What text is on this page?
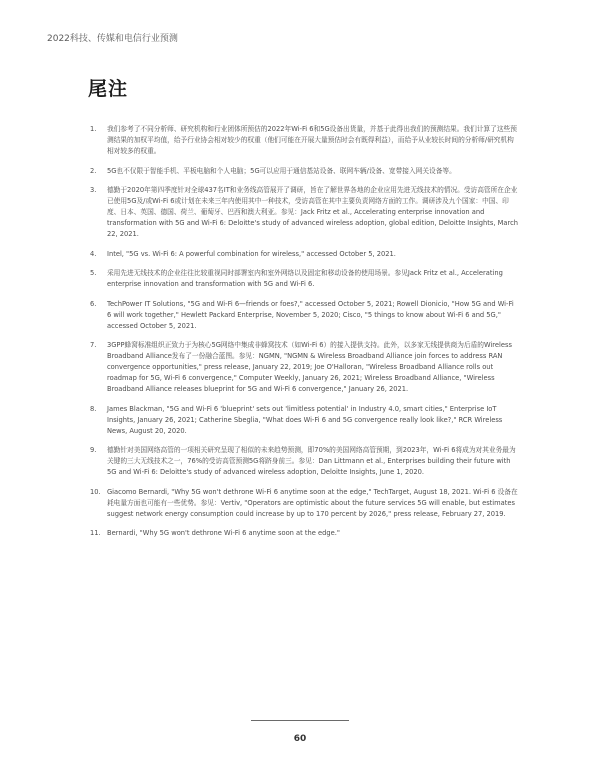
2022科技、传媒和电信行业预测
尾注
1. 我们参考了不同分析师、研究机构和行业团体所预估的2022年Wi-Fi 6和5G设备出货量，并基于此得出我们的预测结果。我们计算了这些预测结果的加权平均值，给予行业协会相对较少的权重（他们可能在开展大量预估时会有既得利益），而给予从业较长时间的分析师/研究机构相对较多的权重。
2. 5G也不仅限于智能手机、平板电脑和个人电脑；5G可以应用于通信基站设备、联网车辆/设备、宽带接入网关设备等。
3. 德勤于2020年第四季度针对全球437名IT和业务线高管展开了调研，旨在了解世界各地的企业应用先进无线技术的情况。受访高管所在企业已使用5G及/或Wi-Fi 6或计划在未来三年内使用其中一种技术，受访高管在其中主要负责网络方面的工作。调研涉及九个国家：中国、印度、日本、英国、德国、荷兰、葡萄牙、巴西和澳大利亚。参见：Jack Fritz et al., Accelerating enterprise innovation and transformation with 5G and Wi-Fi 6: Deloitte's study of advanced wireless adoption, global edition, Deloitte Insights, March 22, 2021.
4. Intel, "5G vs. Wi-Fi 6: A powerful combination for wireless," accessed October 5, 2021.
5. 采用先进无线技术的企业往往比较重视同时部署室内和室外网络以及固定和移动设备的使用场景。参见Jack Fritz et al., Accelerating enterprise innovation and transformation with 5G and Wi-Fi 6.
6. TechPower IT Solutions, "5G and Wi-Fi 6—friends or foes?," accessed October 5, 2021; Rowell Dionicio, "How 5G and Wi-Fi 6 will work together," Hewlett Packard Enterprise, November 5, 2020; Cisco, "5 things to know about Wi-Fi 6 and 5G," accessed October 5, 2021.
7. 3GPP蜂窝标准组织正致力于为核心5G网络中集成非蜂窝技术（如Wi-Fi 6）的接入提供支持。此外，以多家无线提供商为后盾的Wireless Broadband Alliance发布了一份融合蓝图。参见：NGMN, "NGMN & Wireless Broadband Alliance join forces to address RAN convergence opportunities," press release, January 22, 2019; Joe O'Halloran, "Wireless Broadband Alliance rolls out roadmap for 5G, Wi-Fi 6 convergence," Computer Weekly, January 26, 2021; Wireless Broadband Alliance, "Wireless Broadband Alliance releases blueprint for 5G and Wi-Fi 6 convergence," January 26, 2021.
8. James Blackman, "5G and Wi-Fi 6 'blueprint' sets out 'limitless potential' in Industry 4.0, smart cities," Enterprise IoT Insights, January 26, 2021; Catherine Sbeglia, "What does Wi-Fi 6 and 5G convergence really look like?," RCR Wireless News, August 20, 2020.
9. 德勤针对美国网络高管的一项相关研究呈现了相似的未来趋势预测，即70%的美国网络高管预期，到2023年，Wi-Fi 6将成为对其业务最为关键的三大无线技术之一，76%的受访高管预测5G将跻身前三。参见：Dan Littmann et al., Enterprises building their future with 5G and Wi-Fi 6: Deloitte's study of advanced wireless adoption, Deloitte Insights, June 1, 2020.
10. Giacomo Bernardi, "Why 5G won't dethrone Wi-Fi 6 anytime soon at the edge," TechTarget, August 18, 2021. Wi-Fi 6 设备在耗电量方面也可能有一些优势。参见：Vertiv, "Operators are optimistic about the future services 5G will enable, but estimates suggest network energy consumption could increase by up to 170 percent by 2026," press release, February 27, 2019.
11. Bernardi, "Why 5G won't dethrone Wi-Fi 6 anytime soon at the edge."
60
